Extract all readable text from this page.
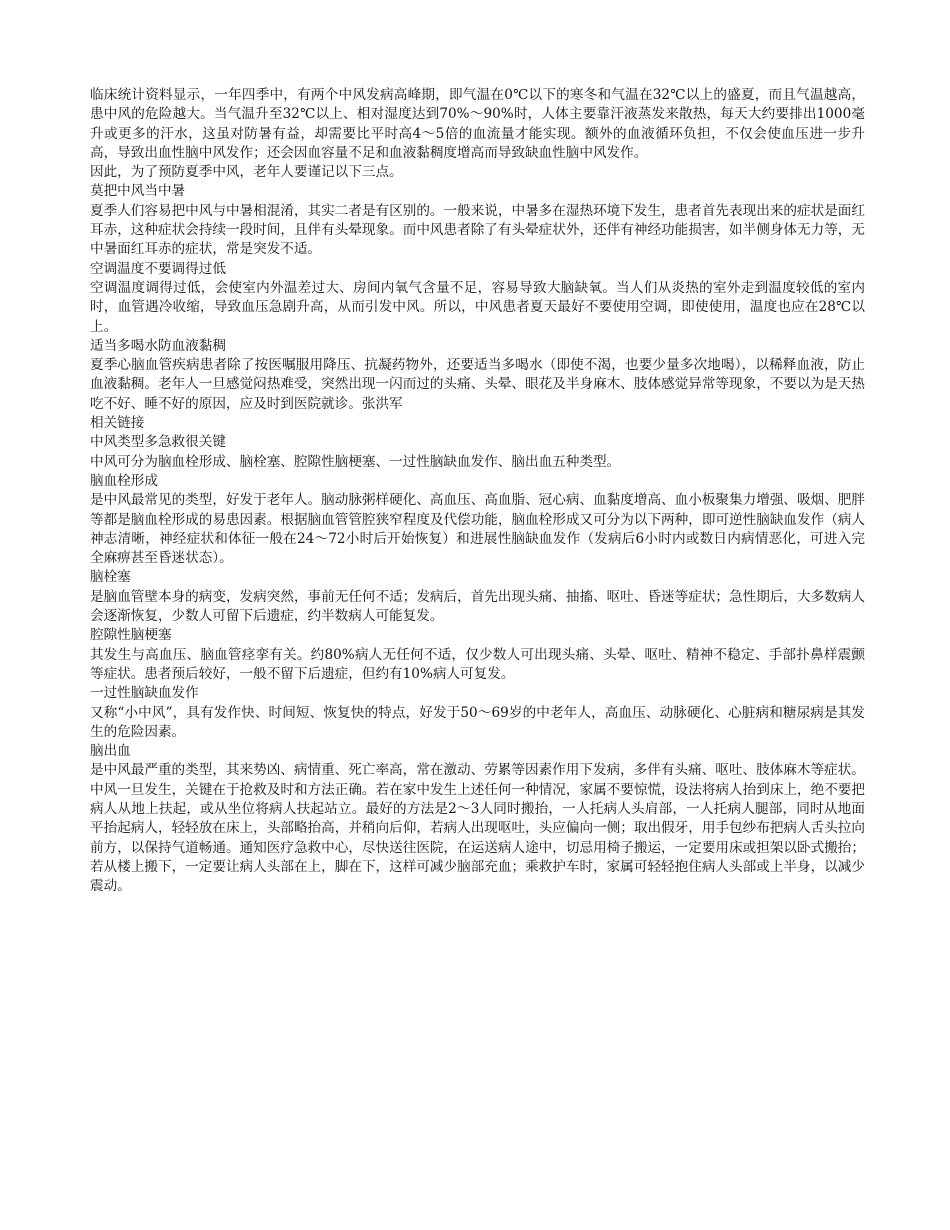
临床统计资料显示，一年四季中，有两个中风发病高峰期，即气温在0℃以下的寒冬和气温在32℃以上的盛夏，而且气温越高，患中风的危险越大。当气温升至32℃以上、相对湿度达到70%～90%时，人体主要靠汗液蒸发来散热，每天大约要排出1000毫升或更多的汗水，这虽对防暑有益，却需要比平时高4～5倍的血流量才能实现。额外的血液循环负担，不仅会使血压进一步升高，导致出血性脑中风发作；还会因血容量不足和血液黏稠度增高而导致缺血性脑中风发作。
因此，为了预防夏季中风，老年人要谨记以下三点。
莫把中风当中暑
夏季人们容易把中风与中暑相混淆，其实二者是有区别的。一般来说，中暑多在湿热环境下发生，患者首先表现出来的症状是面红耳赤，这种症状会持续一段时间，且伴有头晕现象。而中风患者除了有头晕症状外，还伴有神经功能损害，如半侧身体无力等，无中暑面红耳赤的症状，常是突发不适。
空调温度不要调得过低
空调温度调得过低，会使室内外温差过大、房间内氧气含量不足，容易导致大脑缺氧。当人们从炎热的室外走到温度较低的室内时，血管遇冷收缩，导致血压急剧升高，从而引发中风。所以，中风患者夏天最好不要使用空调，即使使用，温度也应在28℃以上。
适当多喝水防血液黏稠
夏季心脑血管疾病患者除了按医嘱服用降压、抗凝药物外，还要适当多喝水（即使不渴，也要少量多次地喝），以稀释血液，防止血液黏稠。老年人一旦感觉闷热难受，突然出现一闪而过的头痛、头晕、眼花及半身麻木、肢体感觉异常等现象，不要以为是天热吃不好、睡不好的原因，应及时到医院就诊。张洪军
相关链接
中风类型多急救很关键
中风可分为脑血栓形成、脑栓塞、腔隙性脑梗塞、一过性脑缺血发作、脑出血五种类型。
脑血栓形成
是中风最常见的类型，好发于老年人。脑动脉粥样硬化、高血压、高血脂、冠心病、血黏度增高、血小板聚集力增强、吸烟、肥胖等都是脑血栓形成的易患因素。根据脑血管管腔狭窄程度及代偿功能，脑血栓形成又可分为以下两种，即可逆性脑缺血发作（病人神志清晰，神经症状和体征一般在24～72小时后开始恢复）和进展性脑缺血发作（发病后6小时内或数日内病情恶化，可进入完全麻痹甚至昏迷状态）。
脑栓塞
是脑血管壁本身的病变，发病突然，事前无任何不适；发病后，首先出现头痛、抽搐、呕吐、昏迷等症状；急性期后，大多数病人会逐渐恢复，少数人可留下后遗症，约半数病人可能复发。
腔隙性脑梗塞
其发生与高血压、脑血管痉挛有关。约80%病人无任何不适，仅少数人可出现头痛、头晕、呕吐、精神不稳定、手部扑鼻样震颤等症状。患者预后较好，一般不留下后遗症，但约有10%病人可复发。
一过性脑缺血发作
又称“小中风”，具有发作快、时间短、恢复快的特点，好发于50～69岁的中老年人，高血压、动脉硬化、心脏病和糖尿病是其发生的危险因素。
脑出血
是中风最严重的类型，其来势凶、病情重、死亡率高，常在激动、劳累等因素作用下发病，多伴有头痛、呕吐、肢体麻木等症状。
中风一旦发生，关键在于抢救及时和方法正确。若在家中发生上述任何一种情况，家属不要惊慌，设法将病人抬到床上，绝不要把病人从地上扶起，或从坐位将病人扶起站立。最好的方法是2～3人同时搬抬，一人托病人头肩部，一人托病人腿部，同时从地面平抬起病人，轻轻放在床上，头部略抬高，并稍向后仰，若病人出现呕吐，头应偏向一侧；取出假牙，用手包纱布把病人舌头拉向前方，以保持气道畅通。通知医疗急救中心，尽快送往医院，在运送病人途中，切忌用椅子搬运，一定要用床或担架以卧式搬抬；若从楼上搬下，一定要让病人头部在上，脚在下，这样可减少脑部充血；乘救护车时，家属可轻轻抱住病人头部或上半身，以减少震动。
